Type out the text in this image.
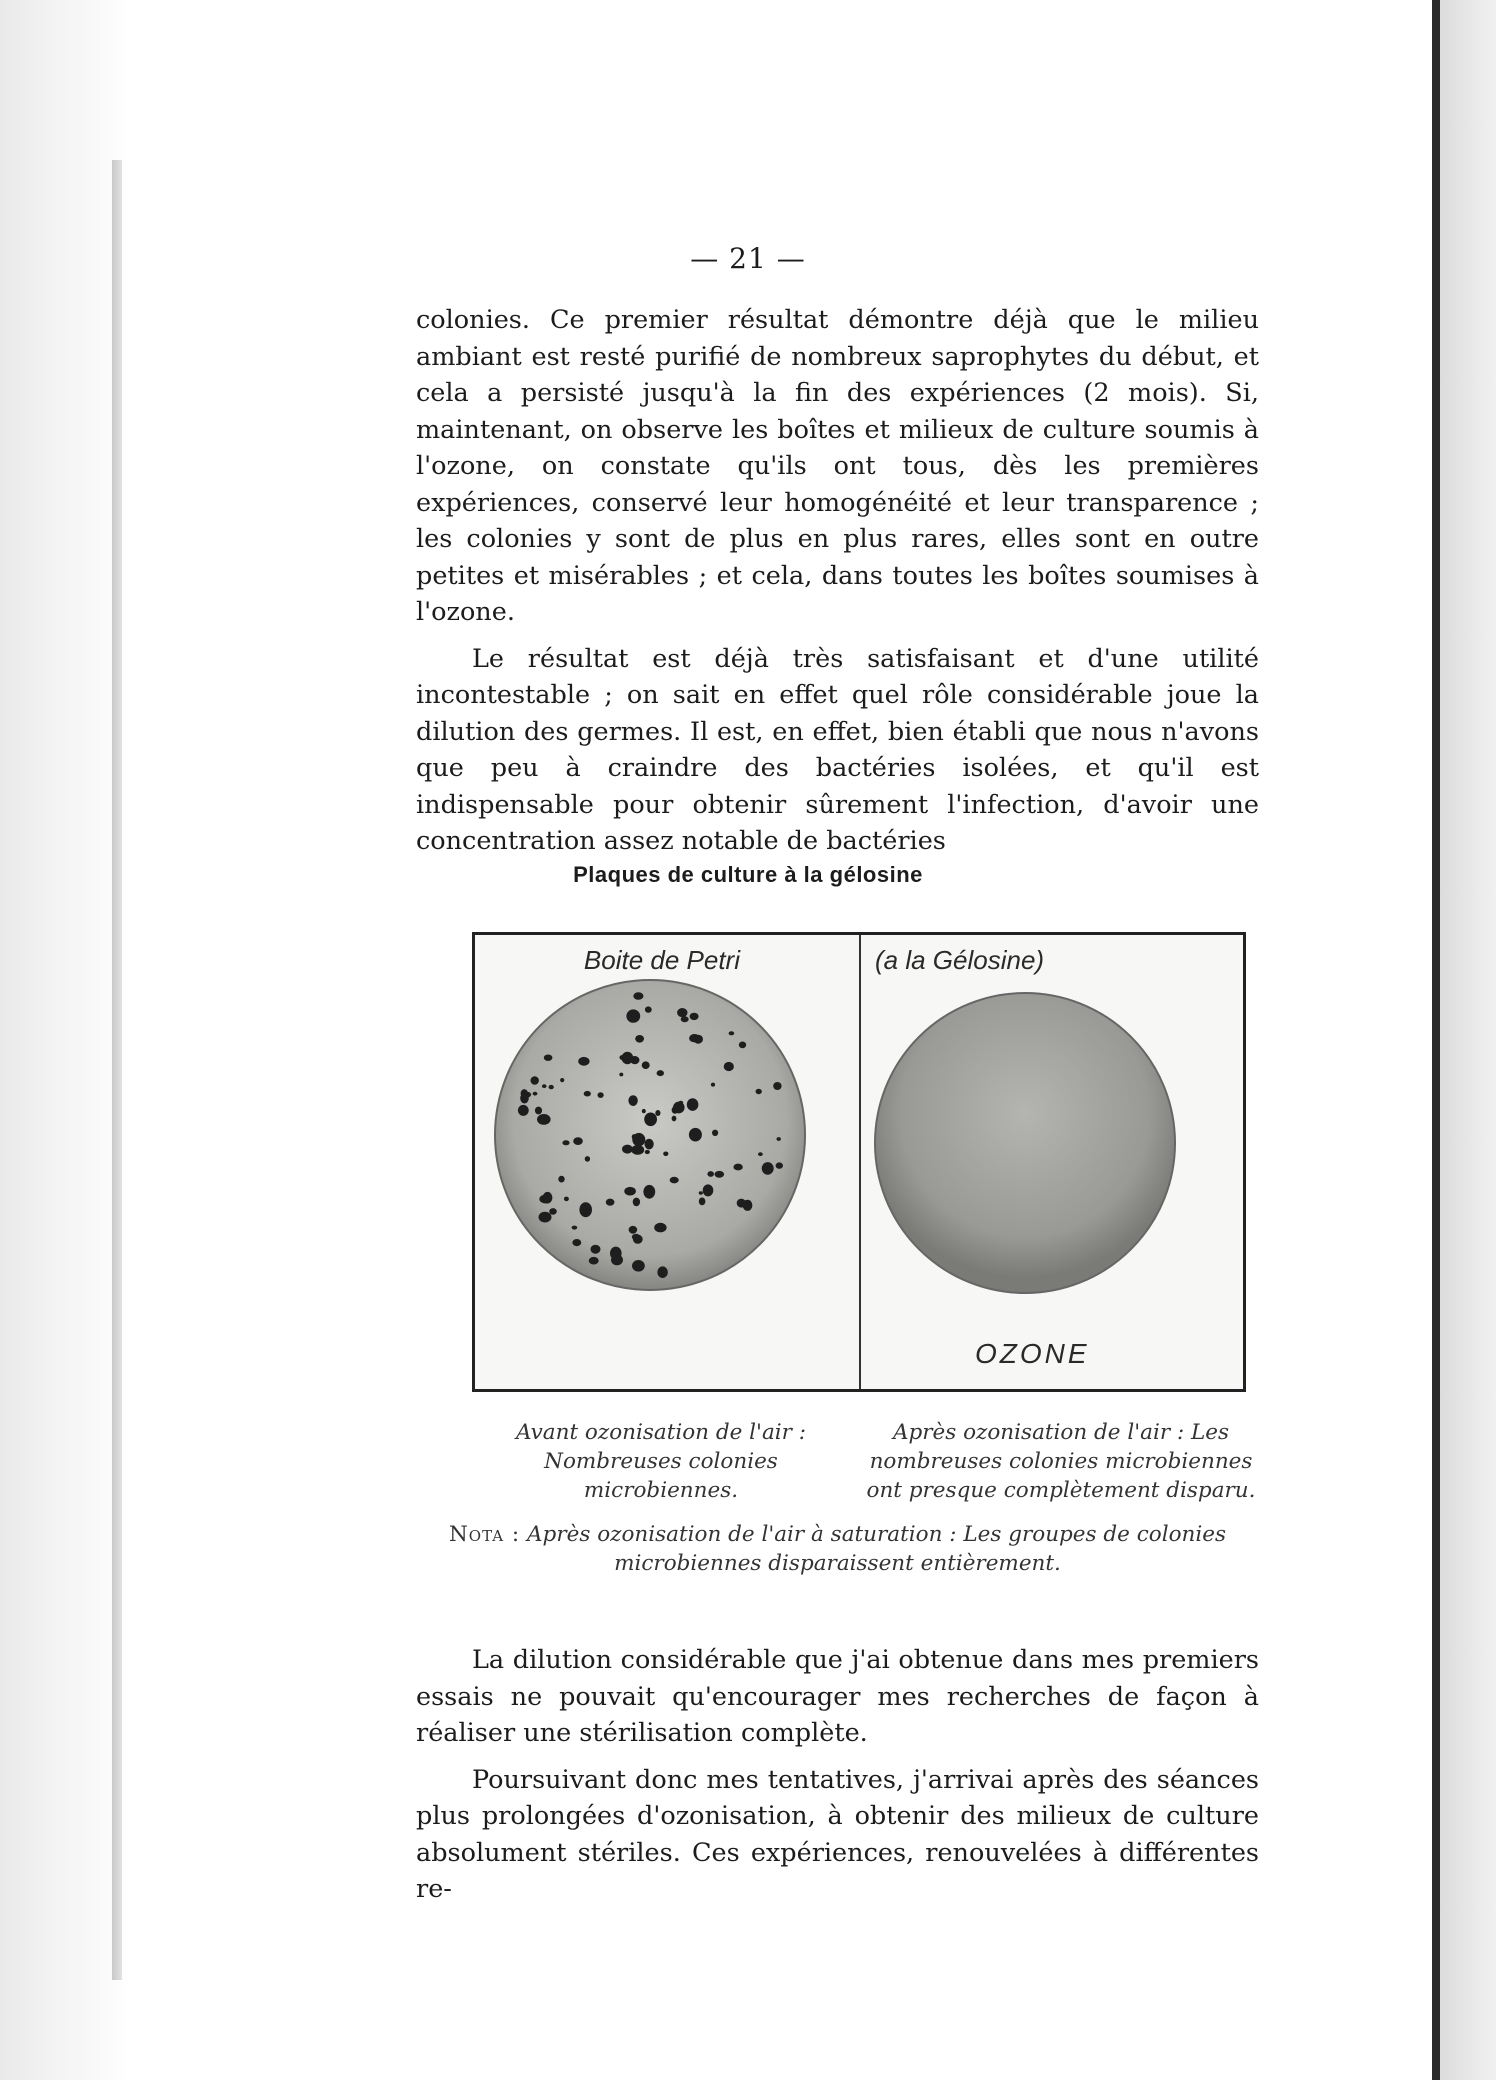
— 21 —

colonies. Ce premier résultat démontre déjà que le milieu ambiant est resté purifié de nombreux saprophytes du début, et cela a persisté jusqu'à la fin des expériences (2 mois). Si, maintenant, on observe les boîtes et milieux de culture soumis à l'ozone, on constate qu'ils ont tous, dès les premières expériences, conservé leur homogénéité et leur transparence ; les colonies y sont de plus en plus rares, elles sont en outre petites et misérables ; et cela, dans toutes les boîtes soumises à l'ozone.

Le résultat est déjà très satisfaisant et d'une utilité incontestable ; on sait en effet quel rôle considérable joue la dilution des germes. Il est, en effet, bien établi que nous n'avons que peu à craindre des bactéries isolées, et qu'il est indispensable pour obtenir sûrement l'infection, d'avoir une concentration assez notable de bactéries

Plaques de culture à la gélosine
Boite de Petri	(a la Gélosine)
OZONE
Avant ozonisation de l'air : Nombreuses colonies microbiennes.
Après ozonisation de l'air : Les nombreuses colonies microbiennes ont presque complètement disparu.
Nota : Après ozonisation de l'air à saturation : Les groupes de colonies microbiennes disparaissent entièrement.

La dilution considérable que j'ai obtenue dans mes premiers essais ne pouvait qu'encourager mes recherches de façon à réaliser une stérilisation complète.

Poursuivant donc mes tentatives, j'arrivai après des séances plus prolongées d'ozonisation, à obtenir des milieux de culture absolument stériles. Ces expériences, renouvelées à différentes re-
